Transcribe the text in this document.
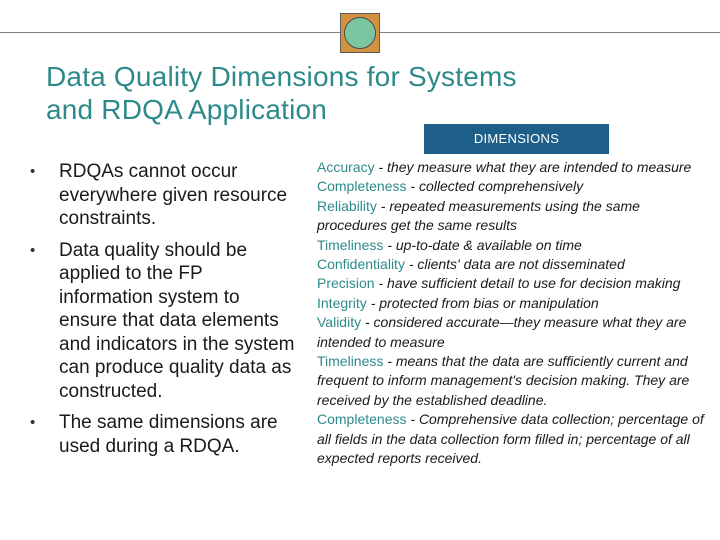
Data Quality Dimensions for Systems
and RDQA Application
DIMENSIONS
• RDQAs cannot occur everywhere given resource constraints.
• Data quality should be applied to the FP information system to ensure that data elements and indicators in the system can produce quality data as constructed.
• The same dimensions are used during a RDQA.
Accuracy - they measure what they are intended to measure
Completeness - collected comprehensively
Reliability - repeated measurements using the same procedures get the same results
Timeliness - up-to-date & available on time
Confidentiality - clients' data are not disseminated
Precision - have sufficient detail to use for decision making
Integrity - protected from bias or manipulation
Validity - considered accurate—they measure what they are intended to measure
Timeliness - means that the data are sufficiently current and frequent to inform management's decision making. They are received by the established deadline.
Completeness - Comprehensive data collection; percentage of all fields in the data collection form filled in; percentage of all expected reports received.
